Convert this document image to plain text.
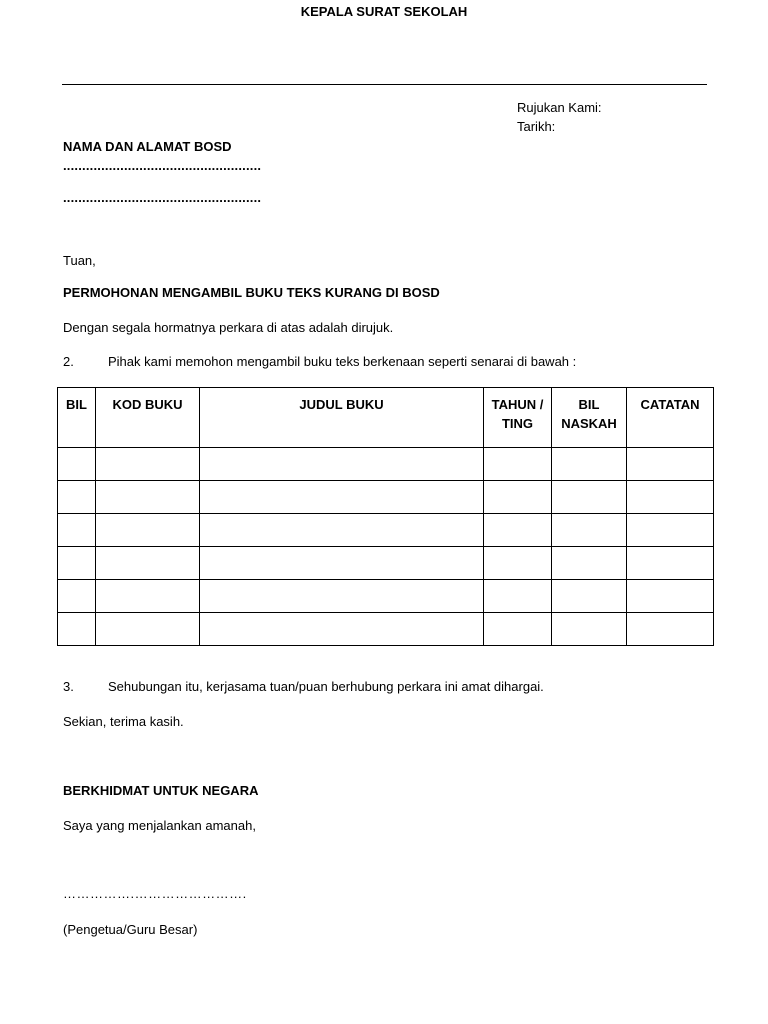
KEPALA SURAT SEKOLAH
Rujukan Kami:
Tarikh:
NAMA DAN ALAMAT BOSD
....................................................
....................................................
Tuan,
PERMOHONAN MENGAMBIL BUKU TEKS KURANG DI BOSD
Dengan segala hormatnya perkara di atas adalah dirujuk.
2.	Pihak kami memohon mengambil buku teks berkenaan seperti senarai di bawah :
BIL	KOD BUKU	JUDUL BUKU	TAHUN / TING	BIL NASKAH	CATATAN

3.	Sehubungan itu, kerjasama tuan/puan berhubung perkara ini amat dihargai.
Sekian, terima kasih.
BERKHIDMAT UNTUK NEGARA
Saya yang menjalankan amanah,
…………….…………………….
(Pengetua/Guru Besar)
